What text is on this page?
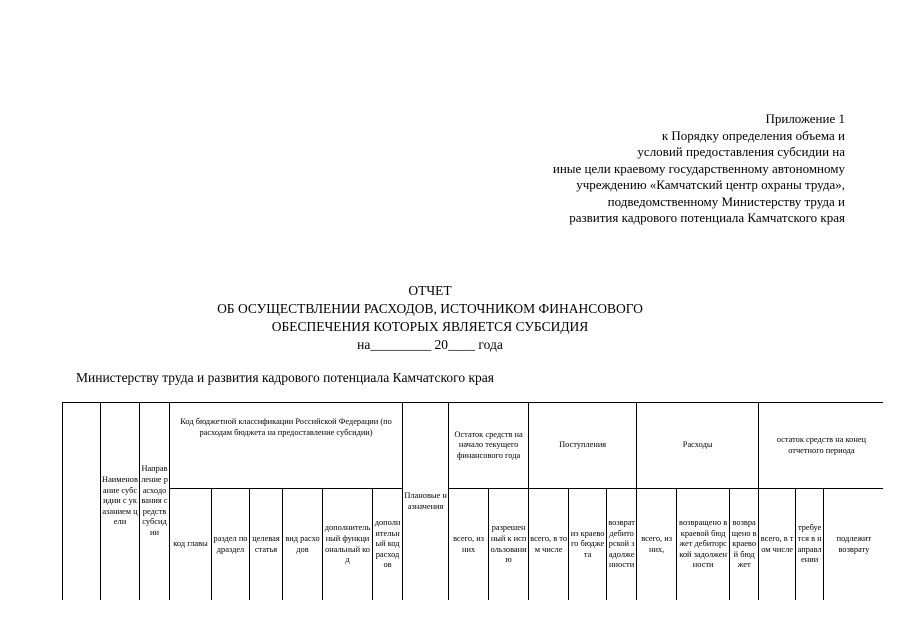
Приложение 1
к Порядку определения объема и
условий предоставления субсидии на
иные цели краевому государственному автономному
учреждению «Камчатский центр охраны труда»,
подведомственному Министерству труда и
развития кадрового потенциала Камчатского края
ОТЧЕТ
ОБ ОСУЩЕСТВЛЕНИИ РАСХОДОВ, ИСТОЧНИКОМ ФИНАНСОВОГО
ОБЕСПЕЧЕНИЯ КОТОРЫХ ЯВЛЯЕТСЯ СУБСИДИЯ
на_________ 20____ года
Министерству труда и развития кадрового потенциала Камчатского края
	Наименование субсидии с указанием цели	Направление расходования средств субсидии	Код бюджетной классификации Российской Федерации (по расходам бюджета на предоставление субсидии)						Плановые назначения	Остаток средств на начало текущего финансового года		Поступления			Расходы			остаток средств на конец отчетного периода		
			код главы	раздел подраздел	целевая статья	вид расходов	дополнительный функциональный код	дополнительный код расходов		всего, из них	разрешенный к использованию	всего, в том числе	из краевого бюджета	возврат дебиторской задолженности	всего, из них,	возвращено в краевой бюджет дебиторской задолженности	возвращено в краевой бюджет	всего, в том числе	требуется в направлении	подлежит возврату
